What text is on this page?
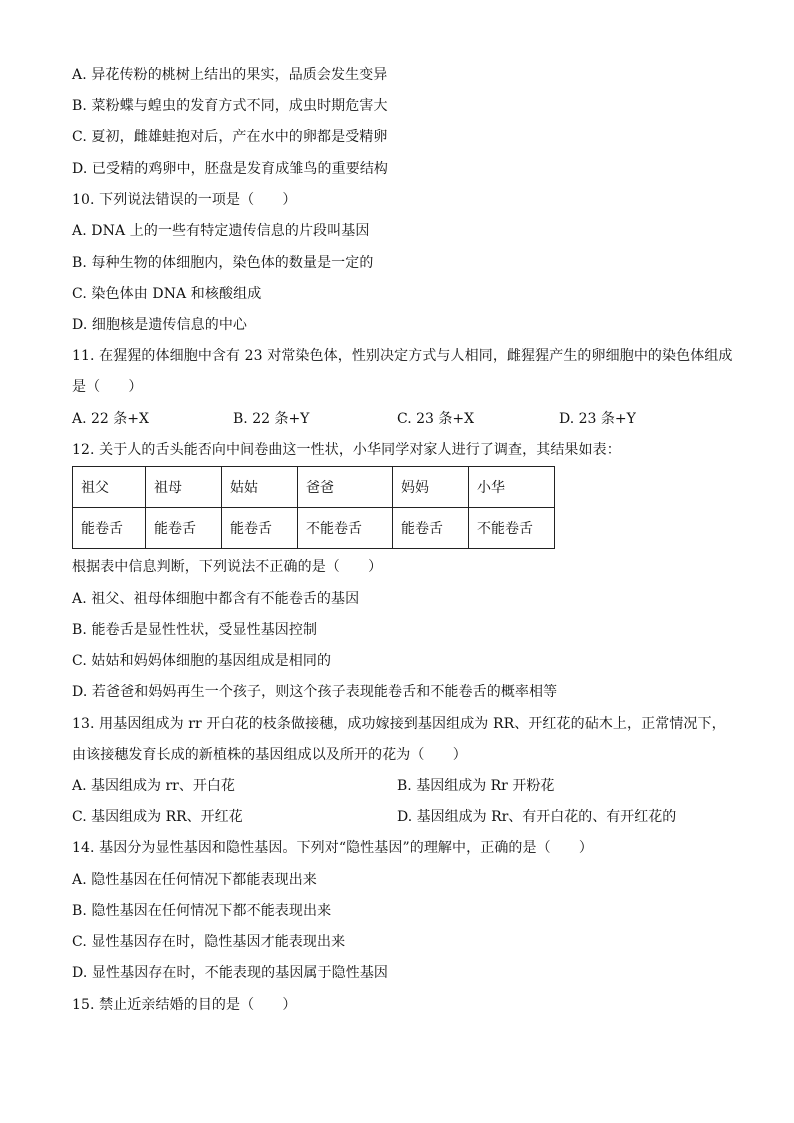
A. 异花传粉的桃树上结出的果实，品质会发生变异
B. 菜粉蝶与蝗虫的发育方式不同，成虫时期危害大
C. 夏初，雌雄蛙抱对后，产在水中的卵都是受精卵
D. 已受精的鸡卵中，胚盘是发育成雏鸟的重要结构
10. 下列说法错误的一项是（　　）
A. DNA 上的一些有特定遗传信息的片段叫基因
B. 每种生物的体细胞内，染色体的数量是一定的
C. 染色体由 DNA 和核酸组成
D. 细胞核是遗传信息的中心
11. 在猩猩的体细胞中含有 23 对常染色体，性别决定方式与人相同，雌猩猩产生的卵细胞中的染色体组成
是（　　）
A. 22 条+X	B. 22 条+Y	C. 23 条+X	D. 23 条+Y
12. 关于人的舌头能否向中间卷曲这一性状，小华同学对家人进行了调查，其结果如表：
祖父	祖母	姑姑	爸爸	妈妈	小华
能卷舌	能卷舌	能卷舌	不能卷舌	能卷舌	不能卷舌
根据表中信息判断，下列说法不正确的是（　　）
A. 祖父、祖母体细胞中都含有不能卷舌的基因
B. 能卷舌是显性性状，受显性基因控制
C. 姑姑和妈妈体细胞的基因组成是相同的
D. 若爸爸和妈妈再生一个孩子，则这个孩子表现能卷舌和不能卷舌的概率相等
13. 用基因组成为 rr 开白花的枝条做接穗，成功嫁接到基因组成为 RR、开红花的砧木上，正常情况下，
由该接穗发育长成的新植株的基因组成以及所开的花为（　　）
A. 基因组成为 rr、开白花	B. 基因组成为 Rr 开粉花
C. 基因组成为 RR、开红花	D. 基因组成为 Rr、有开白花的、有开红花的
14. 基因分为显性基因和隐性基因。下列对“隐性基因”的理解中，正确的是（　　）
A. 隐性基因在任何情况下都能表现出来
B. 隐性基因在任何情况下都不能表现出来
C. 显性基因存在时，隐性基因才能表现出来
D. 显性基因存在时，不能表现的基因属于隐性基因
15. 禁止近亲结婚的目的是（　　）
